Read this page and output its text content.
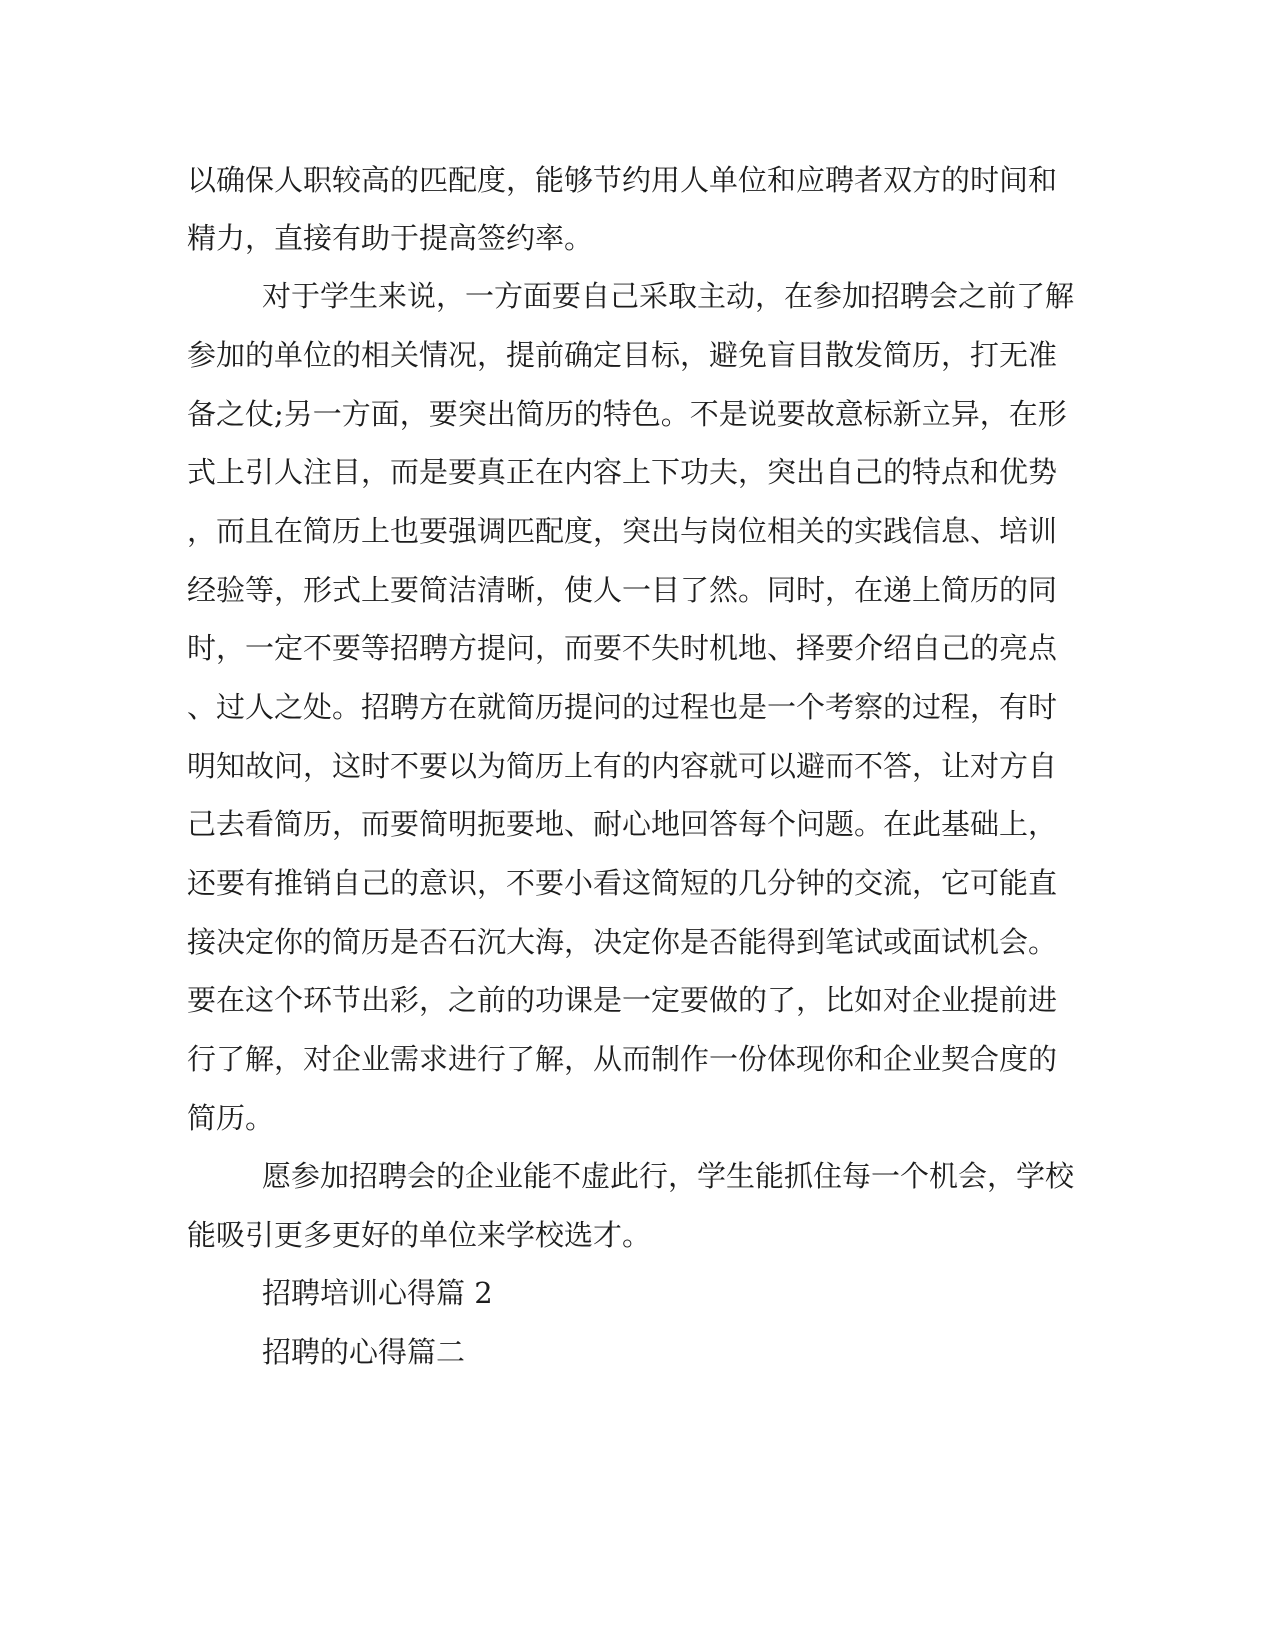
以确保人职较高的匹配度，能够节约用人单位和应聘者双方的时间和

精力，直接有助于提高签约率。

对于学生来说，一方面要自己采取主动，在参加招聘会之前了解

参加的单位的相关情况，提前确定目标，避免盲目散发简历，打无准

备之仗;另一方面，要突出简历的特色。不是说要故意标新立异，在形

式上引人注目，而是要真正在内容上下功夫，突出自己的特点和优势

，而且在简历上也要强调匹配度，突出与岗位相关的实践信息、培训

经验等，形式上要简洁清晰，使人一目了然。同时，在递上简历的同

时，一定不要等招聘方提问，而要不失时机地、择要介绍自己的亮点

、过人之处。招聘方在就简历提问的过程也是一个考察的过程，有时

明知故问，这时不要以为简历上有的内容就可以避而不答，让对方自

己去看简历，而要简明扼要地、耐心地回答每个问题。在此基础上，

还要有推销自己的意识，不要小看这简短的几分钟的交流，它可能直

接决定你的简历是否石沉大海，决定你是否能得到笔试或面试机会。

要在这个环节出彩，之前的功课是一定要做的了，比如对企业提前进

行了解，对企业需求进行了解，从而制作一份体现你和企业契合度的

简历。

愿参加招聘会的企业能不虚此行，学生能抓住每一个机会，学校

能吸引更多更好的单位来学校选才。

招聘培训心得篇 2

招聘的心得篇二
